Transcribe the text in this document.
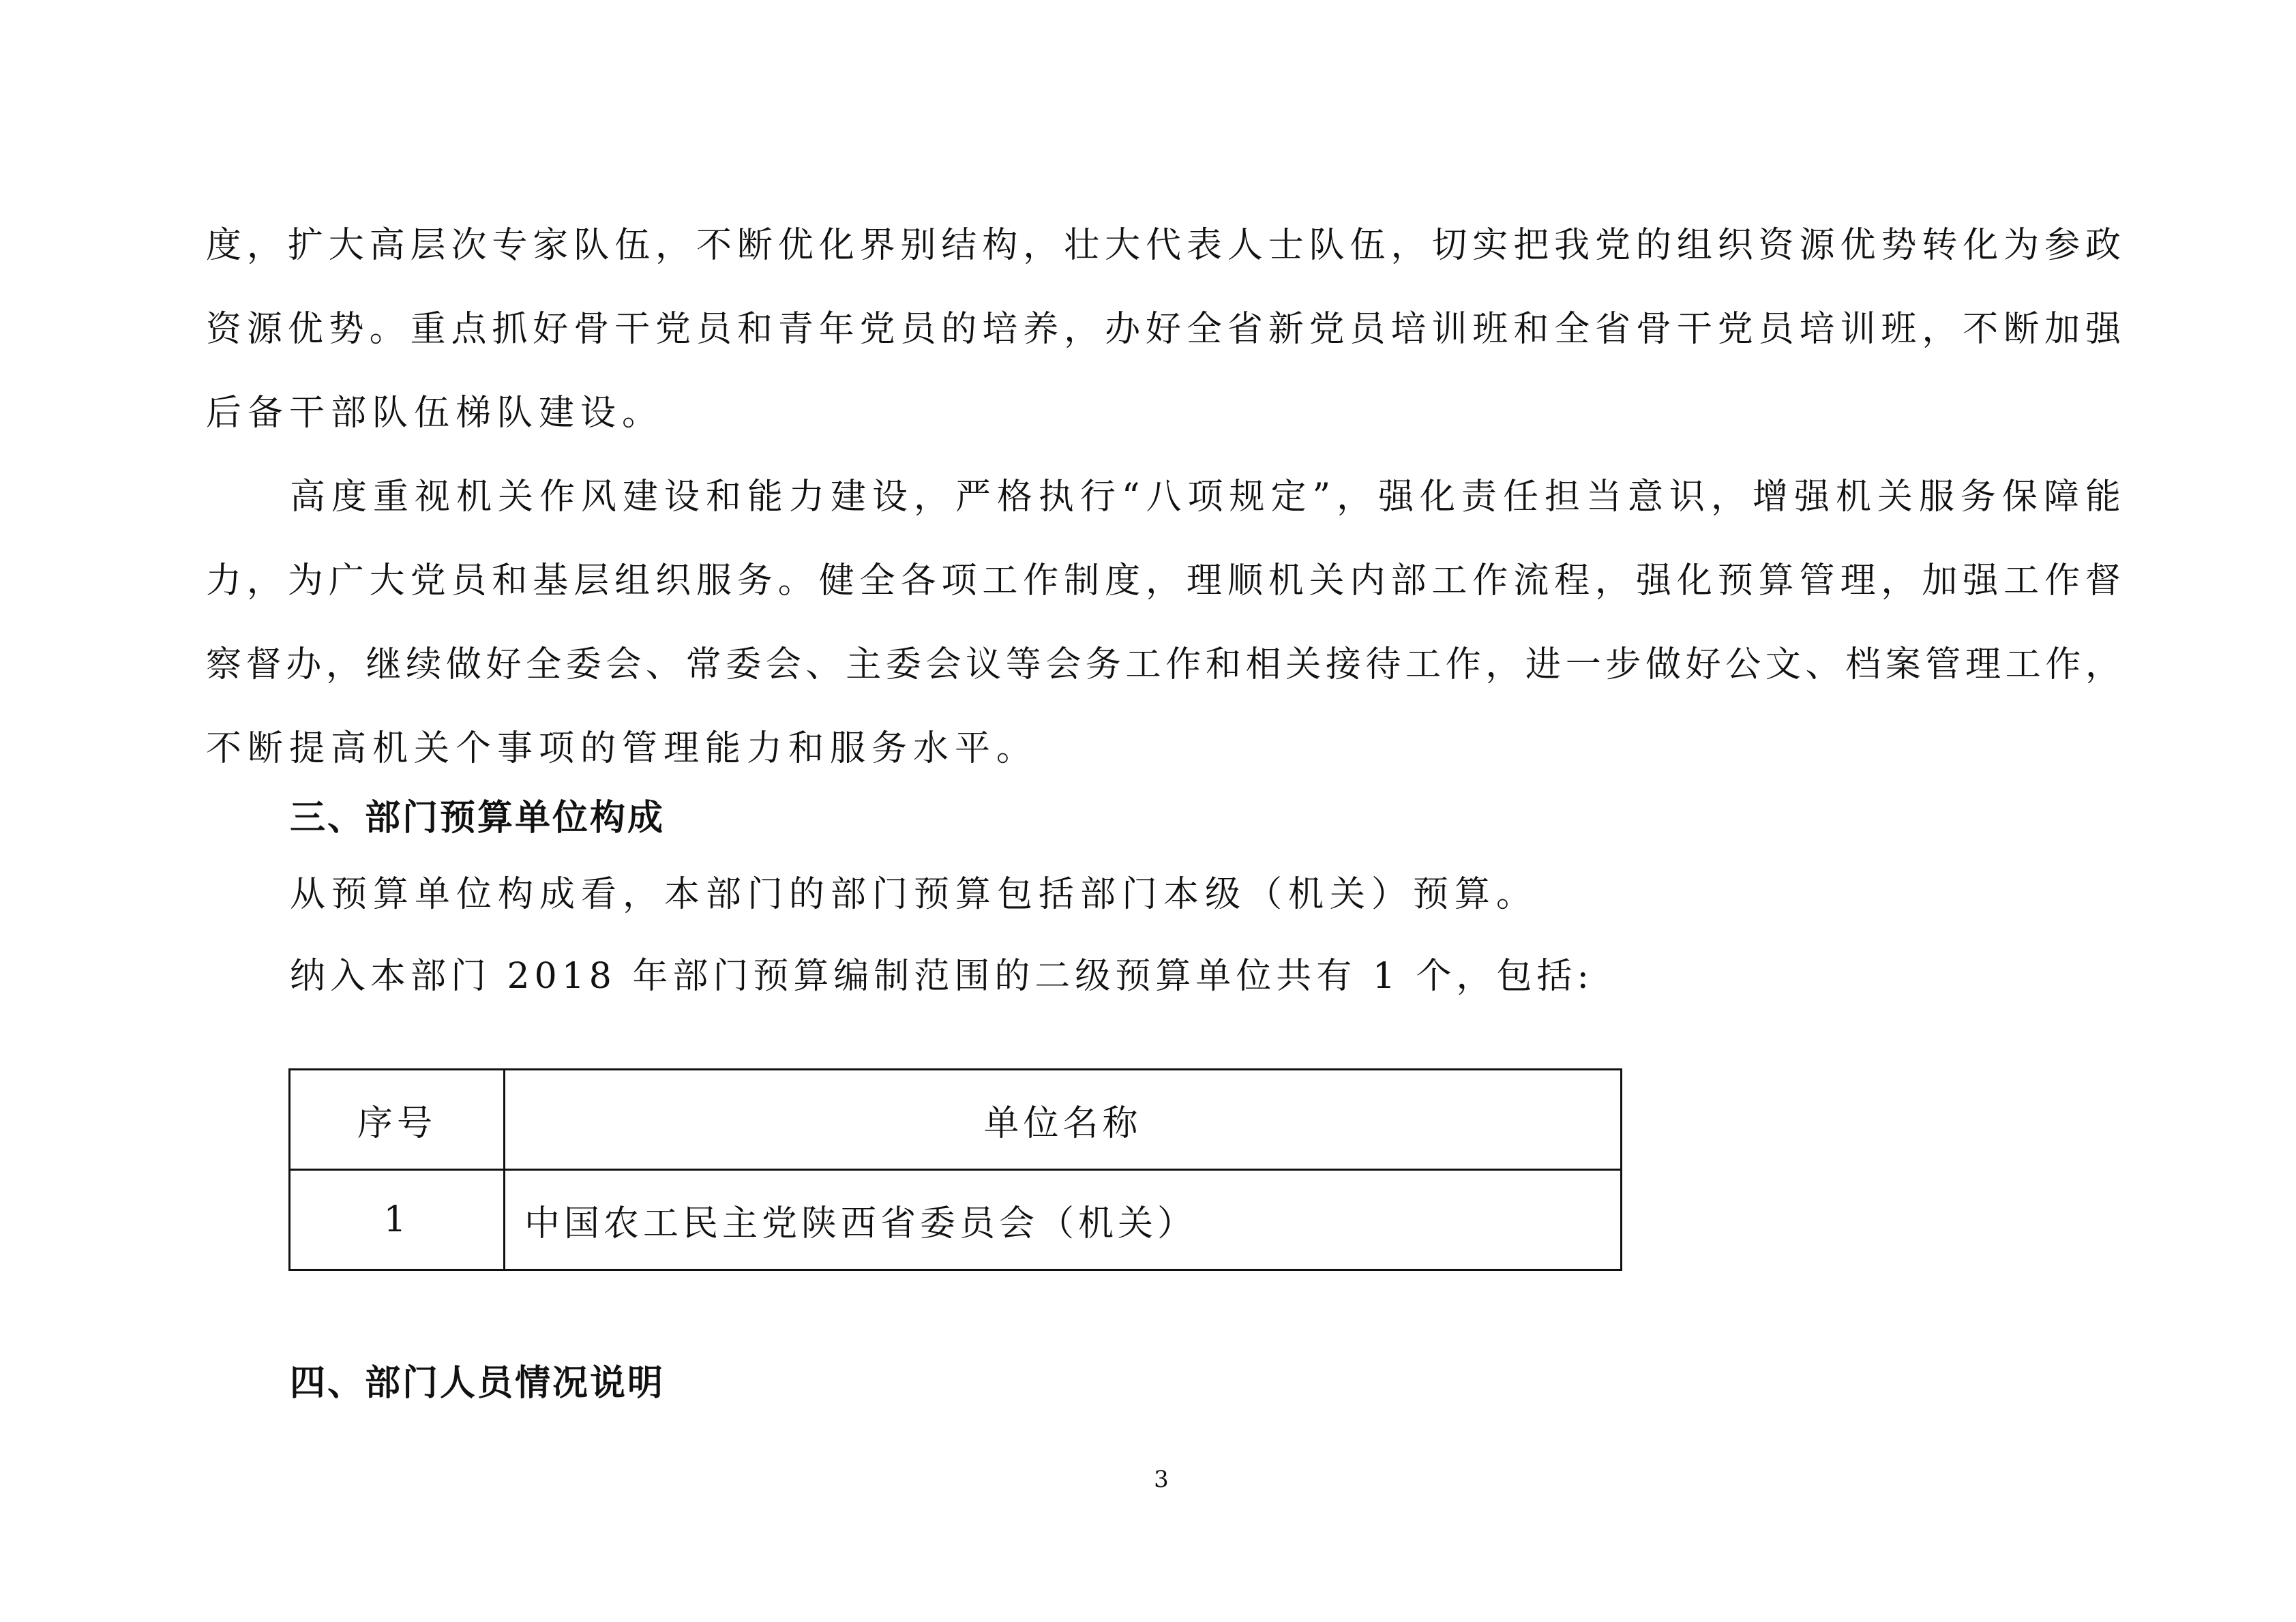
度，扩大高层次专家队伍，不断优化界别结构，壮大代表人士队伍，切实把我党的组织资源优势转化为参政
资源优势。重点抓好骨干党员和青年党员的培养，办好全省新党员培训班和全省骨干党员培训班，不断加强
后备干部队伍梯队建设。
高度重视机关作风建设和能力建设，严格执行“八项规定”，强化责任担当意识，增强机关服务保障能
力，为广大党员和基层组织服务。健全各项工作制度，理顺机关内部工作流程，强化预算管理，加强工作督
察督办，继续做好全委会、常委会、主委会议等会务工作和相关接待工作，进一步做好公文、档案管理工作，
不断提高机关个事项的管理能力和服务水平。
三、部门预算单位构成
从预算单位构成看，本部门的部门预算包括部门本级（机关）预算。
纳入本部门 2018 年部门预算编制范围的二级预算单位共有 1 个，包括:
序号	单位名称
1	中国农工民主党陕西省委员会（机关）
四、部门人员情况说明
3
